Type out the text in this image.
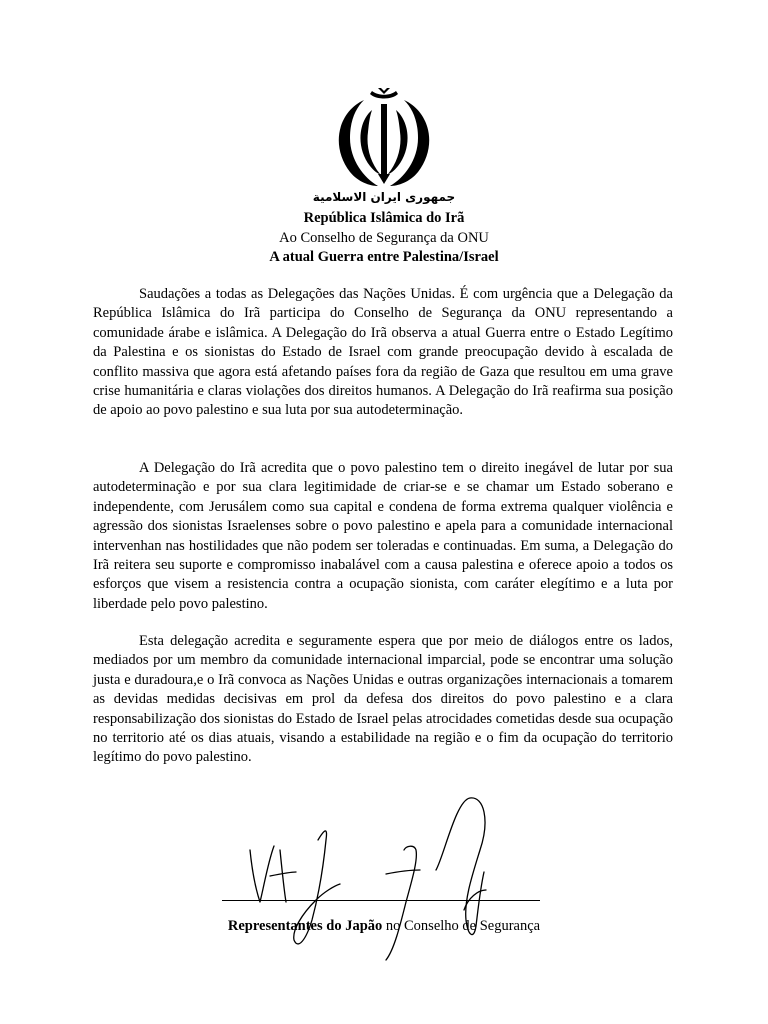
جمهوری ایران الاسلامیة
República Islâmica do Irã
Ao Conselho de Segurança da ONU
A atual Guerra entre Palestina/Israel

Saudações a todas as Delegações das Nações Unidas. É com urgência que a Delegação da República Islâmica do Irã participa do Conselho de Segurança da ONU representando a comunidade árabe e islâmica. A Delegação do Irã observa a atual Guerra entre o Estado Legítimo da Palestina e os sionistas do Estado de Israel com grande preocupação devido à escalada de conflito massiva que agora está afetando países fora da região de Gaza que resultou em uma grave crise humanitária e claras violações dos direitos humanos. A Delegação do Irã reafirma sua posição de apoio ao povo palestino e sua luta por sua autodeterminação.

A Delegação do Irã acredita que o povo palestino tem o direito inegável de lutar por sua autodeterminação e por sua clara legitimidade de criar-se e se chamar um Estado soberano e independente, com Jerusálem como sua capital e condena de forma extrema qualquer violência e agressão dos sionistas Israelenses sobre o povo palestino e apela para a comunidade internacional intervenhan nas hostilidades que não podem ser toleradas e continuadas. Em suma, a Delegação do Irã reitera seu suporte e compromisso inabalável com a causa palestina e oferece apoio a todos os esforços que visem a resistencia contra a ocupação sionista, com caráter elegítimo e a luta por liberdade pelo povo palestino.

Esta delegação acredita e seguramente espera que por meio de diálogos entre os lados, mediados por um membro da comunidade internacional imparcial, pode se encontrar uma solução justa e duradoura,e o Irã convoca as Nações Unidas e outras organizações internacionais a tomarem as devidas medidas decisivas em prol da defesa dos direitos do povo palestino e a clara responsabilização dos sionistas do Estado de Israel pelas atrocidades cometidas desde sua ocupação no territorio até os dias atuais, visando a estabilidade na região e o fim da ocupação do territorio legítimo do povo palestino.

Representantes do Japão no Conselho de Segurança
